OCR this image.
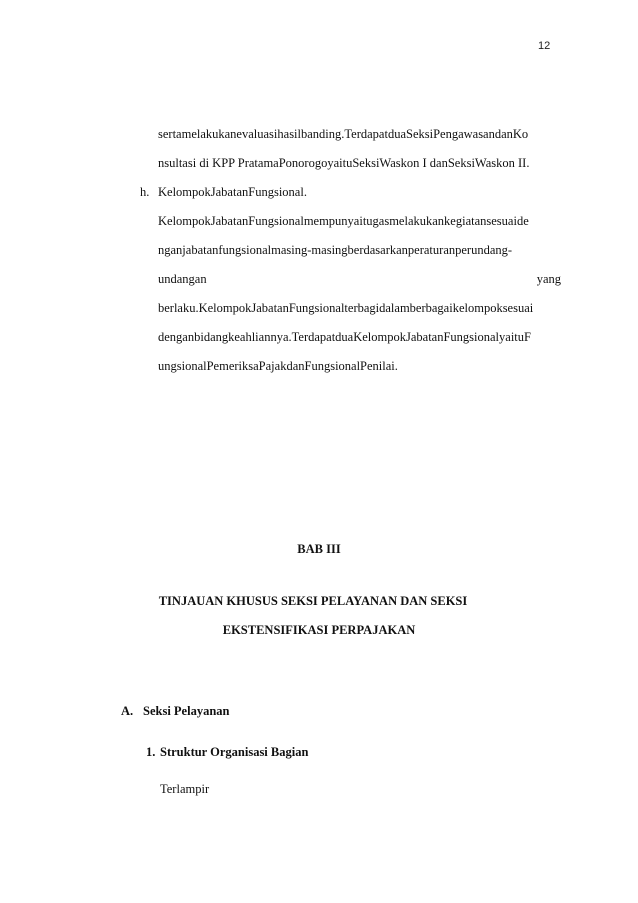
12
sertamelakukanevaluasihasilbanding.TerdapatduaSeksiPengawasandanKo
nsultasi di KPP PratamaPonorogoyaituSeksiWaskon I danSeksiWaskon II.
h. KelompokJabatanFungsional.
KelompokJabatanFungsionalmempunyaitugasmelakukankegiatansesuaide
nganjabatanfungsionalmasing-masingberdasarkanperaturanperundang-
undangan	yang
berlaku.KelompokJabatanFungsionalterbagidalamberbagaikelompoksesuai
denganbidangkeahliannya.TerdapatduaKelompokJabatanFungsionalyaituF
ungsionalPemeriksaPajakdanFungsionalPenilai.
BAB III
TINJAUAN KHUSUS SEKSI PELAYANAN DAN SEKSI
EKSTENSIFIKASI PERPAJAKAN
A. Seksi Pelayanan
1. Struktur Organisasi Bagian
Terlampir
